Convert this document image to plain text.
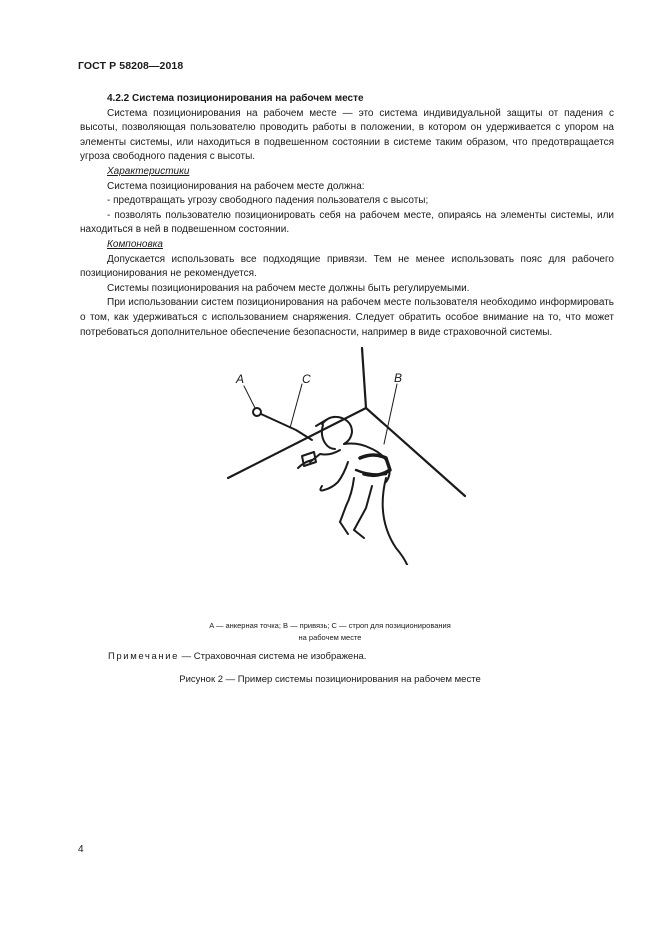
ГОСТ Р 58208—2018

4.2.2 Система позиционирования на рабочем месте

Система позиционирования на рабочем месте — это система индивидуальной защиты от падения с высоты, позволяющая пользователю проводить работы в положении, в котором он удерживается с упором на элементы системы, или находиться в подвешенном состоянии в системе таким образом, что предотвращается угроза свободного падения с высоты.

Характеристики

Система позиционирования на рабочем месте должна:

- предотвращать угрозу свободного падения пользователя с высоты;

- позволять пользователю позиционировать себя на рабочем месте, опираясь на элементы системы, или находиться в ней в подвешенном состоянии.

Компоновка

Допускается использовать все подходящие привязи. Тем не менее использовать пояс для рабочего позиционирования не рекомендуется.

Системы позиционирования на рабочем месте должны быть регулируемыми.

При использовании систем позиционирования на рабочем месте пользователя необходимо информировать о том, как удерживаться с использованием снаряжения. Следует обратить особое внимание на то, что может потребоваться дополнительное обеспечение безопасности, например в виде страховочной системы.

A	C	B
A — анкерная точка; B — привязь; C — строп для позиционирования
на рабочем месте
Примечание — Страховочная система не изображена.
Рисунок 2 — Пример системы позиционирования на рабочем месте
4
